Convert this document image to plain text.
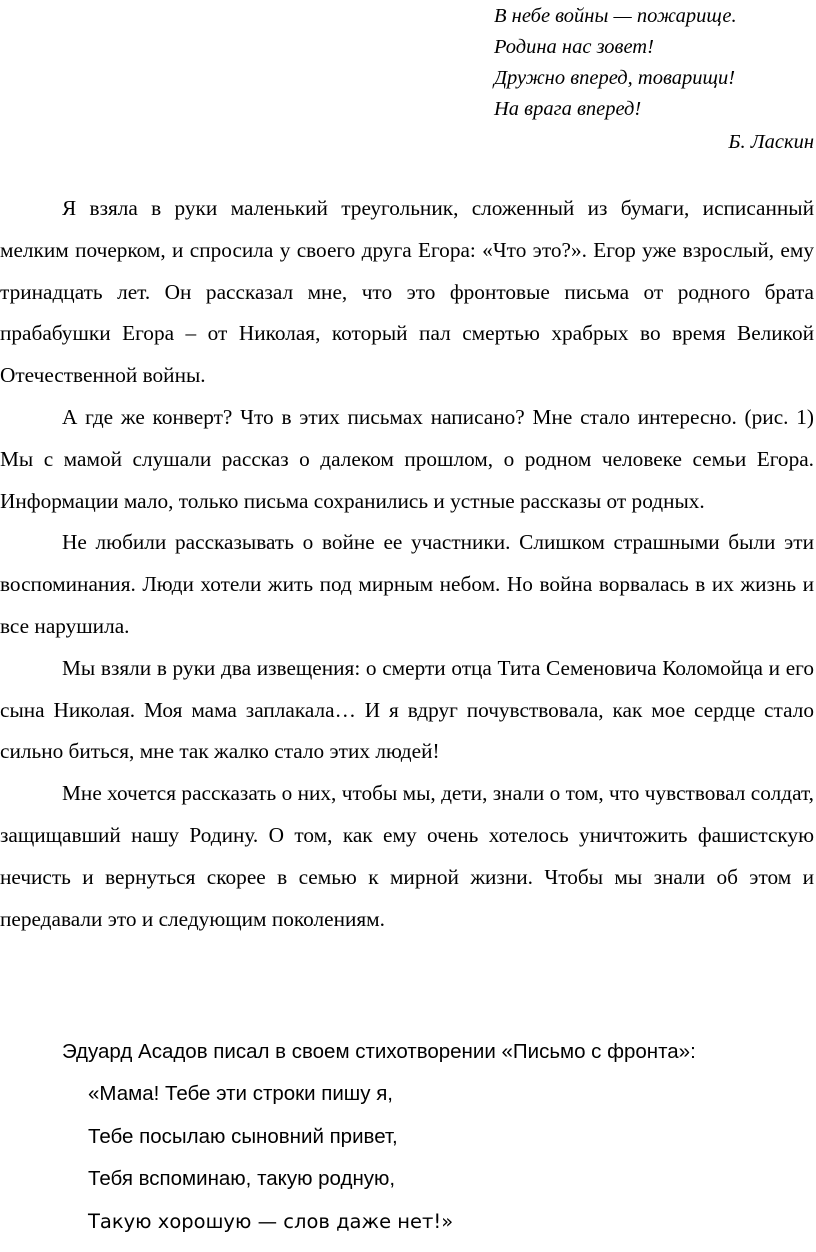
В небе войны — пожарище.
Родина нас зовет!
Дружно вперед, товарищи!
На врага вперед!
Б. Ласкин

Я взяла в руки маленький треугольник, сложенный из бумаги, исписанный мелким почерком, и спросила у своего друга Егора: «Что это?». Егор уже взрослый, ему тринадцать лет. Он рассказал мне, что это фронтовые письма от родного брата прабабушки Егора – от Николая, который пал смертью храбрых во время Великой Отечественной войны.

А где же конверт? Что в этих письмах написано? Мне стало интересно. (рис. 1) Мы с мамой слушали рассказ о далеком прошлом, о родном человеке семьи Егора. Информации мало, только письма сохранились и устные рассказы от родных.

Не любили рассказывать о войне ее участники. Слишком страшными были эти воспоминания. Люди хотели жить под мирным небом. Но война ворвалась в их жизнь и все нарушила.

Мы взяли в руки два извещения: о смерти отца Тита Семеновича Коломойца и его сына Николая. Моя мама заплакала… И я вдруг почувствовала, как мое сердце стало сильно биться, мне так жалко стало этих людей!

Мне хочется рассказать о них, чтобы мы, дети, знали о том, что чувствовал солдат, защищавший нашу Родину. О том, как ему очень хотелось уничтожить фашистскую нечисть и вернуться скорее в семью к мирной жизни. Чтобы мы знали об этом и передавали это и следующим поколениям.

Эдуард Асадов писал в своем стихотворении «Письмо с фронта»:
«Мама! Тебе эти строки пишу я,
Тебе посылаю сыновний привет,
Тебя вспоминаю, такую родную,
Такую хорошую — слов даже нет!»
